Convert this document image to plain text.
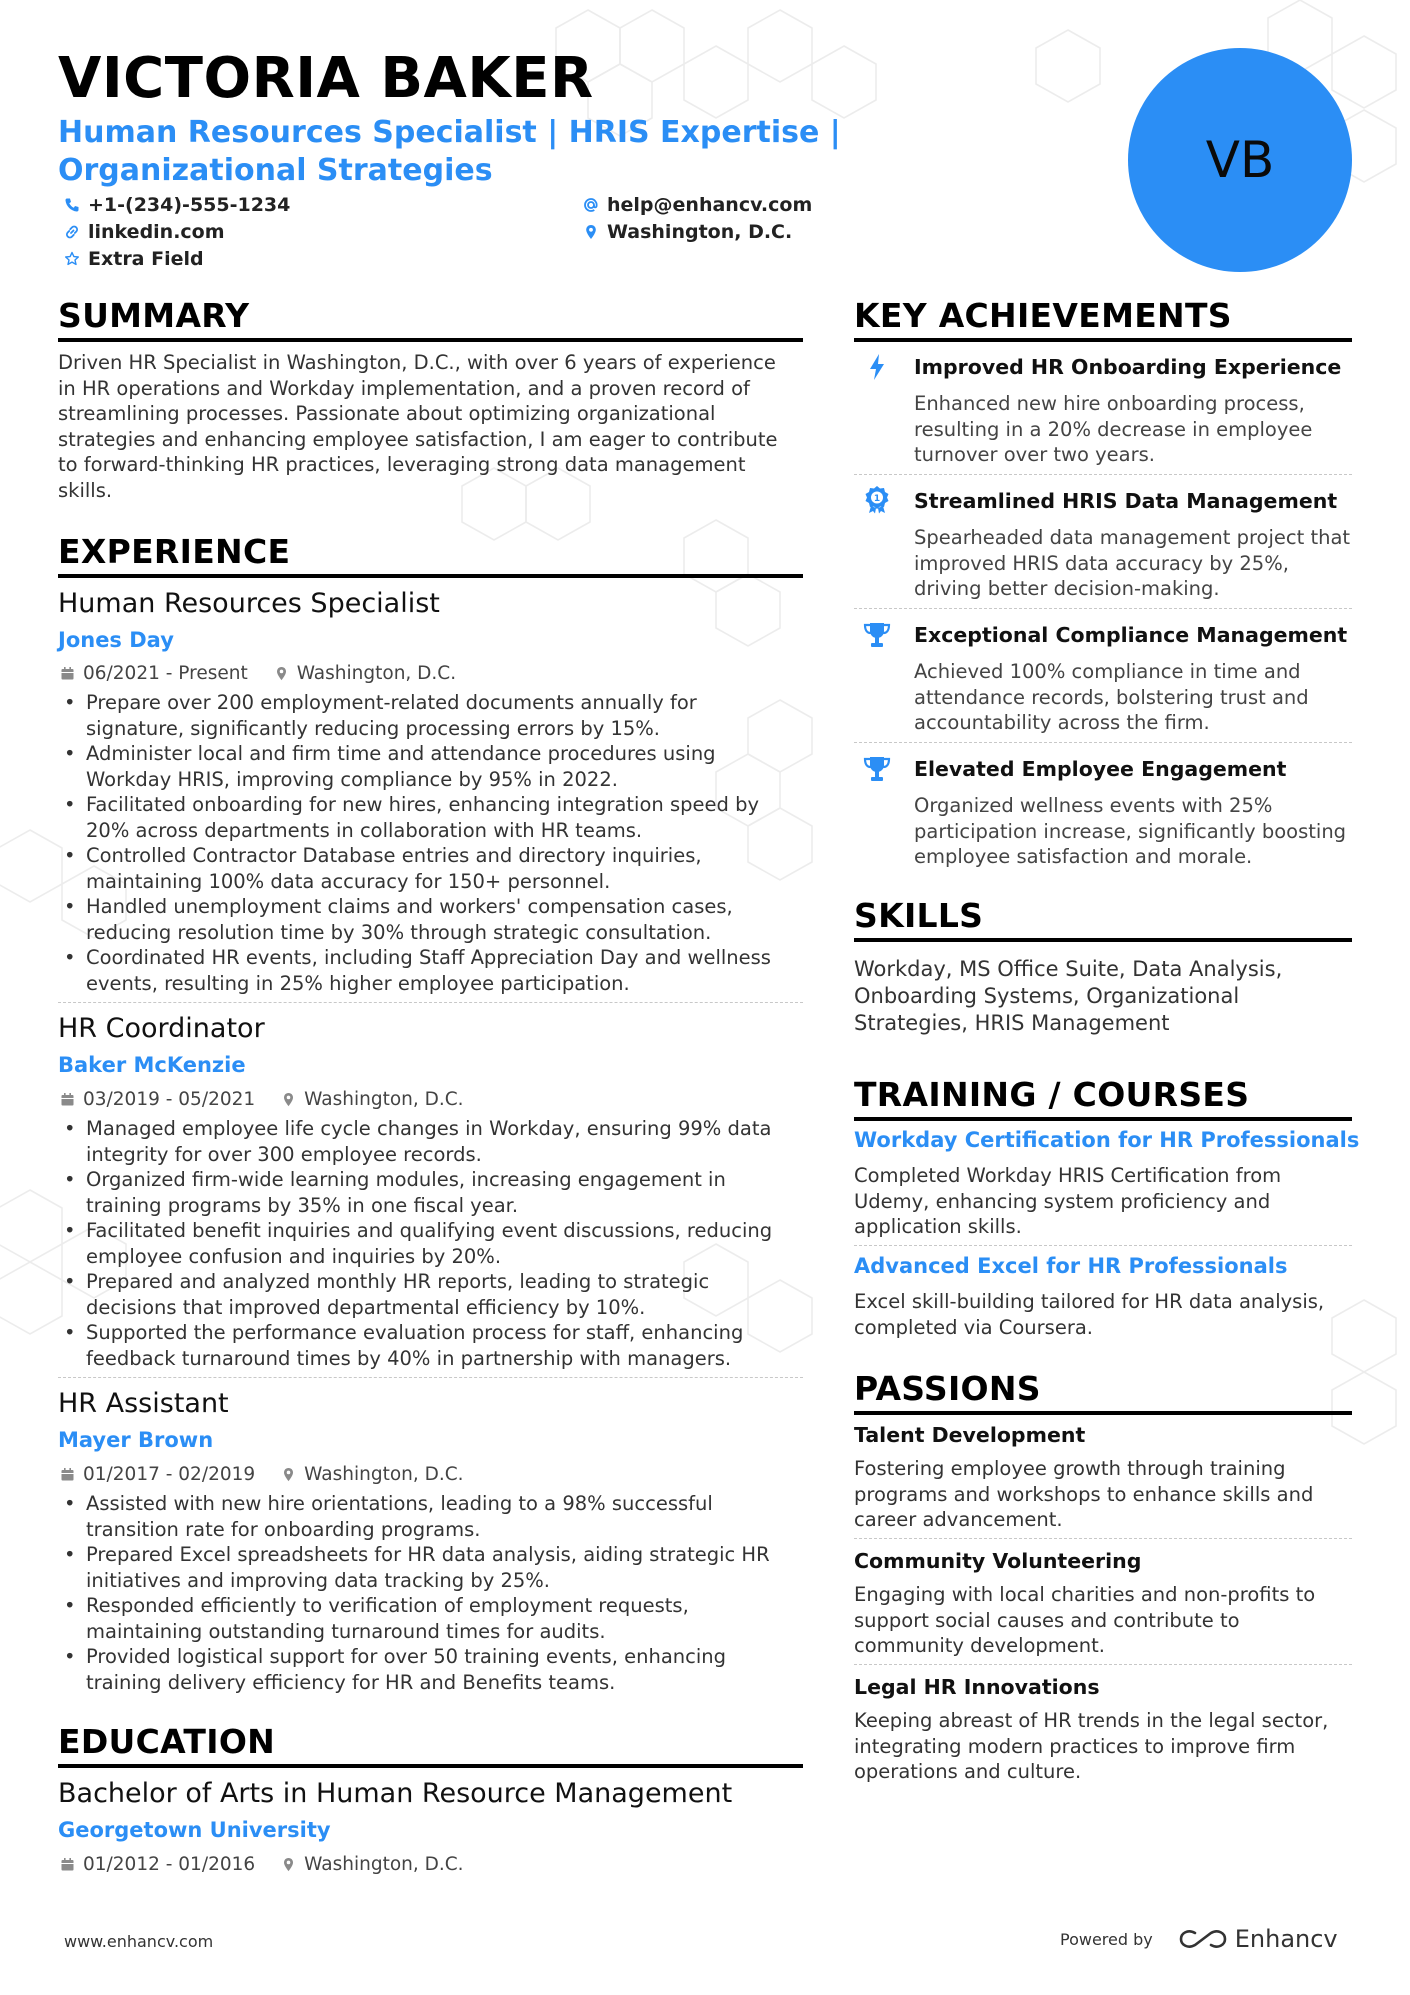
VICTORIA BAKER
Human Resources Specialist | HRIS Expertise | Organizational Strategies
+1-(234)-555-1234	help@enhancv.com
linkedin.com	Washington, D.C.
Extra Field
VB
SUMMARY
Driven HR Specialist in Washington, D.C., with over 6 years of experience in HR operations and Workday implementation, and a proven record of streamlining processes. Passionate about optimizing organizational strategies and enhancing employee satisfaction, I am eager to contribute to forward-thinking HR practices, leveraging strong data management skills.
EXPERIENCE
Human Resources Specialist
Jones Day
06/2021 - Present	Washington, D.C.
• Prepare over 200 employment-related documents annually for signature, significantly reducing processing errors by 15%.
• Administer local and firm time and attendance procedures using Workday HRIS, improving compliance by 95% in 2022.
• Facilitated onboarding for new hires, enhancing integration speed by 20% across departments in collaboration with HR teams.
• Controlled Contractor Database entries and directory inquiries, maintaining 100% data accuracy for 150+ personnel.
• Handled unemployment claims and workers' compensation cases, reducing resolution time by 30% through strategic consultation.
• Coordinated HR events, including Staff Appreciation Day and wellness events, resulting in 25% higher employee participation.
HR Coordinator
Baker McKenzie
03/2019 - 05/2021	Washington, D.C.
• Managed employee life cycle changes in Workday, ensuring 99% data integrity for over 300 employee records.
• Organized firm-wide learning modules, increasing engagement in training programs by 35% in one fiscal year.
• Facilitated benefit inquiries and qualifying event discussions, reducing employee confusion and inquiries by 20%.
• Prepared and analyzed monthly HR reports, leading to strategic decisions that improved departmental efficiency by 10%.
• Supported the performance evaluation process for staff, enhancing feedback turnaround times by 40% in partnership with managers.
HR Assistant
Mayer Brown
01/2017 - 02/2019	Washington, D.C.
• Assisted with new hire orientations, leading to a 98% successful transition rate for onboarding programs.
• Prepared Excel spreadsheets for HR data analysis, aiding strategic HR initiatives and improving data tracking by 25%.
• Responded efficiently to verification of employment requests, maintaining outstanding turnaround times for audits.
• Provided logistical support for over 50 training events, enhancing training delivery efficiency for HR and Benefits teams.
EDUCATION
Bachelor of Arts in Human Resource Management
Georgetown University
01/2012 - 01/2016	Washington, D.C.
KEY ACHIEVEMENTS
Improved HR Onboarding Experience
Enhanced new hire onboarding process, resulting in a 20% decrease in employee turnover over two years.
1 Streamlined HRIS Data Management
Spearheaded data management project that improved HRIS data accuracy by 25%, driving better decision-making.
Exceptional Compliance Management
Achieved 100% compliance in time and attendance records, bolstering trust and accountability across the firm.
Elevated Employee Engagement
Organized wellness events with 25% participation increase, significantly boosting employee satisfaction and morale.
SKILLS
Workday, MS Office Suite, Data Analysis, Onboarding Systems, Organizational Strategies, HRIS Management
TRAINING / COURSES
Workday Certification for HR Professionals
Completed Workday HRIS Certification from Udemy, enhancing system proficiency and application skills.
Advanced Excel for HR Professionals
Excel skill-building tailored for HR data analysis, completed via Coursera.
PASSIONS
Talent Development
Fostering employee growth through training programs and workshops to enhance skills and career advancement.
Community Volunteering
Engaging with local charities and non-profits to support social causes and contribute to community development.
Legal HR Innovations
Keeping abreast of HR trends in the legal sector, integrating modern practices to improve firm operations and culture.
www.enhancv.com	Powered by	Enhancv
